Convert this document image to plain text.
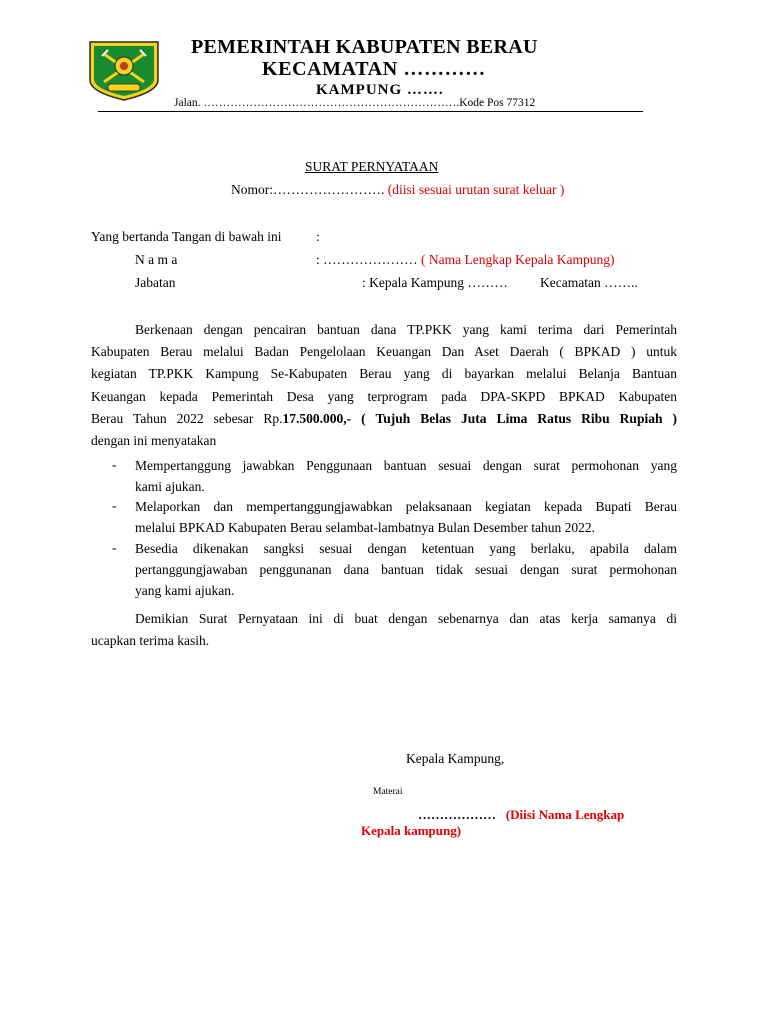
PEMERINTAH KABUPATEN BERAU
KECAMATAN …………
KAMPUNG …….
Jalan. ………………………………………………………….Kode Pos 77312
SURAT PERNYATAAN
Nomor:……………………. (diisi sesuai urutan surat keluar )
Yang bertanda Tangan di bawah ini	:
N a m a	: ………………… ( Nama Lengkap Kepala Kampung)
Jabatan	: Kepala Kampung ……… Kecamatan ……..
Berkenaan dengan pencairan bantuan dana TP.PKK yang kami terima dari Pemerintah
Kabupaten Berau melalui Badan Pengelolaan Keuangan Dan Aset Daerah ( BPKAD ) untuk
kegiatan TP.PKK Kampung Se-Kabupaten Berau yang di bayarkan melalui Belanja Bantuan
Keuangan kepada Pemerintah Desa yang terprogram pada DPA-SKPD BPKAD Kabupaten
Berau Tahun 2022 sebesar Rp.17.500.000,- ( Tujuh Belas Juta Lima Ratus Ribu Rupiah )
dengan ini menyatakan
- Mempertanggung jawabkan Penggunaan bantuan sesuai dengan surat permohonan yang
kami ajukan.
- Melaporkan dan mempertanggungjawabkan pelaksanaan kegiatan kepada Bupati Berau
melalui BPKAD Kabupaten Berau selambat-lambatnya Bulan Desember tahun 2022.
- Besedia dikenakan sangksi sesuai dengan ketentuan yang berlaku, apabila dalam
pertanggungjawaban penggunanan dana bantuan tidak sesuai dengan surat permohonan
yang kami ajukan.
Demikian Surat Pernyataan ini di buat dengan sebenarnya dan atas kerja samanya di
ucapkan terima kasih.
Kepala Kampung,
Materai
……………… (Diisi Nama Lengkap
Kepala kampung)
